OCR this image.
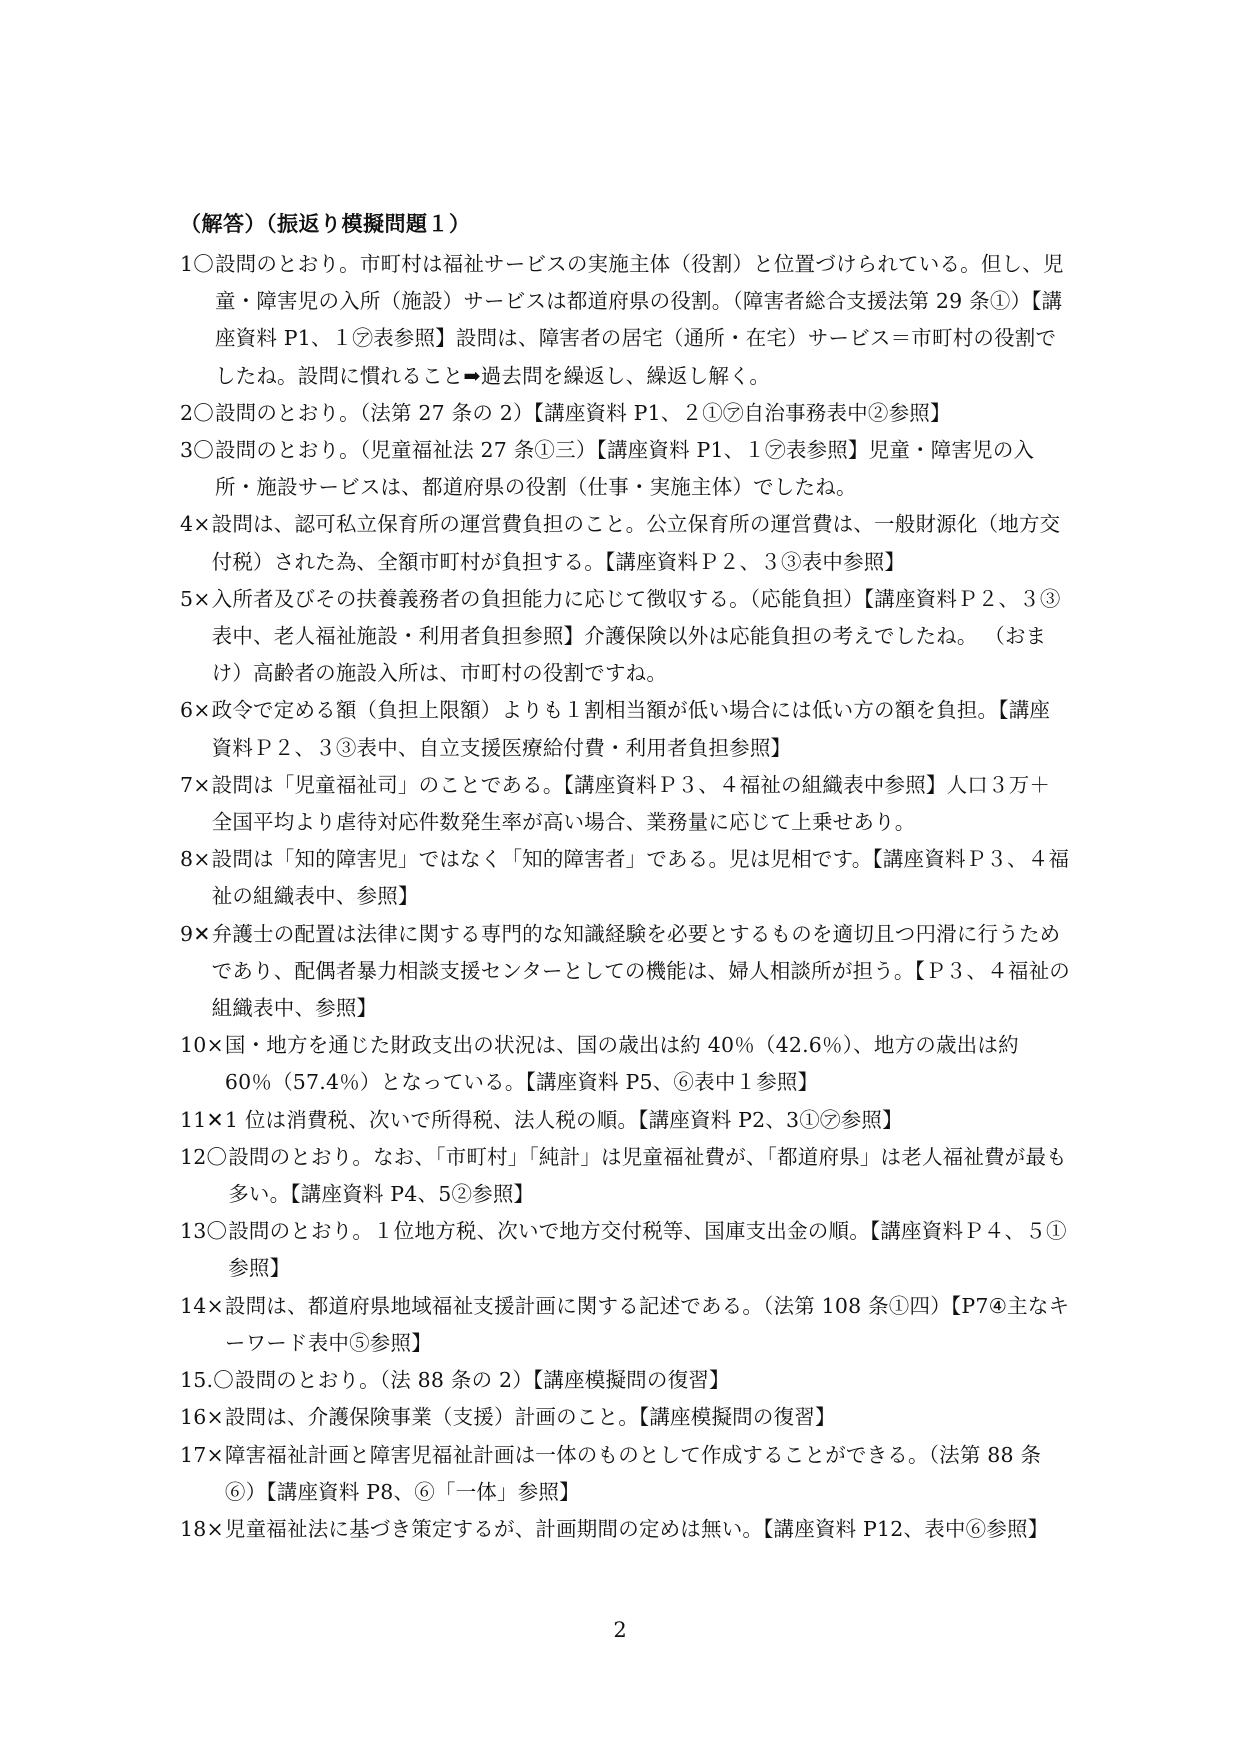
（解答）（振返り模擬問題１）
1 〇 設問のとおり。市町村は福祉サービスの実施主体（役割）と位置づけられている。但し、児童・障害児の入所（施設）サービスは都道府県の役割。（障害者総合支援法第 29 条①）【講座資料 P1、１㋐表参照】設問は、障害者の居宅（通所・在宅）サービス＝市町村の役割でしたね。設問に慣れること➡過去問を繰返し、繰返し解く。
2 〇 設問のとおり。（法第 27 条の 2）【講座資料 P1、２①㋐自治事務表中②参照】
3 〇 設問のとおり。（児童福祉法 27 条①三）【講座資料 P1、１㋐表参照】児童・障害児の入所・施設サービスは、都道府県の役割（仕事・実施主体）でしたね。
4 × 設問は、認可私立保育所の運営費負担のこと。公立保育所の運営費は、一般財源化（地方交付税）された為、全額市町村が負担する。【講座資料Ｐ２、３③表中参照】
5 × 入所者及びその扶養義務者の負担能力に応じて徴収する。（応能負担）【講座資料Ｐ２、３③表中、老人福祉施設・利用者負担参照】介護保険以外は応能負担の考えでしたね。 （おまけ）高齢者の施設入所は、市町村の役割ですね。
6 × 政令で定める額（負担上限額）よりも１割相当額が低い場合には低い方の額を負担。【講座資料Ｐ２、３③表中、自立支援医療給付費・利用者負担参照】
7 × 設問は「児童福祉司」のことである。【講座資料Ｐ３、４福祉の組織表中参照】人口３万＋全国平均より虐待対応件数発生率が高い場合、業務量に応じて上乗せあり。
8 × 設問は「知的障害児」ではなく「知的障害者」である。児は児相です。【講座資料Ｐ３、４福祉の組織表中、参照】
9 ✕ 弁護士の配置は法律に関する専門的な知識経験を必要とするものを適切且つ円滑に行うためであり、配偶者暴力相談支援センターとしての機能は、婦人相談所が担う。【Ｐ３、４福祉の組織表中、参照】
10 × 国・地方を通じた財政支出の状況は、国の歳出は約 40％（42.6％）、地方の歳出は約 60％（57.4％）となっている。【講座資料 P5、⑥表中１参照】
11 ✕ 1 位は消費税、次いで所得税、法人税の順。【講座資料 P2、3①㋐参照】
12 〇 設問のとおり。なお、「市町村」「純計」は児童福祉費が、「都道府県」は老人福祉費が最も多い。【講座資料 P4、5②参照】
13 〇 設問のとおり。１位地方税、次いで地方交付税等、国庫支出金の順。【講座資料Ｐ４、５①参照】
14 × 設問は、都道府県地域福祉支援計画に関する記述である。（法第 108 条①四）【P7④主なキーワード表中⑤参照】
15. 〇 設問のとおり。（法 88 条の 2）【講座模擬問の復習】
16 × 設問は、介護保険事業（支援）計画のこと。【講座模擬問の復習】
17 × 障害福祉計画と障害児福祉計画は一体のものとして作成することができる。（法第 88 条⑥）【講座資料 P8、⑥「一体」参照】
18 × 児童福祉法に基づき策定するが、計画期間の定めは無い。【講座資料 P12、表中⑥参照】
2
